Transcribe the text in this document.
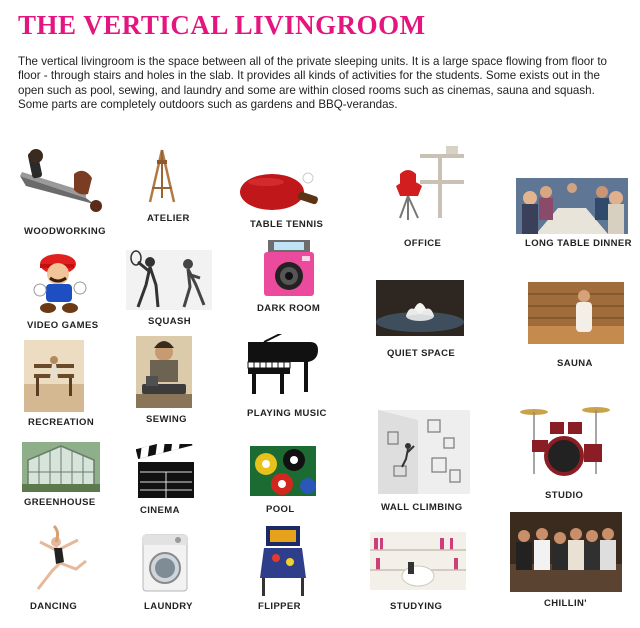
THE VERTICAL LIVINGROOM

The vertical livingroom is the space between all of the private sleeping units. It is a large space flowing from floor to floor - through stairs and holes in the slab. It provides all kinds of activities for the students. Some exists out in the open such as pool, sewing, and laundry and some are within closed rooms such as cinemas, sauna and squash. Some parts are completely outdoors such as gardens and BBQ-verandas.

WOODWORKING
ATELIER
TABLE TENNIS
OFFICE	LONG TABLE DINNER
VIDEO GAMES	SQUASH
DARK ROOM
QUIET SPACE
SAUNA
RECREATION	SEWING
PLAYING MUSIC
WALL CLIMBING
STUDIO
GREENHOUSE
CINEMA	POOL
DANCING	LAUNDRY	FLIPPER	STUDYING	CHILLIN'
